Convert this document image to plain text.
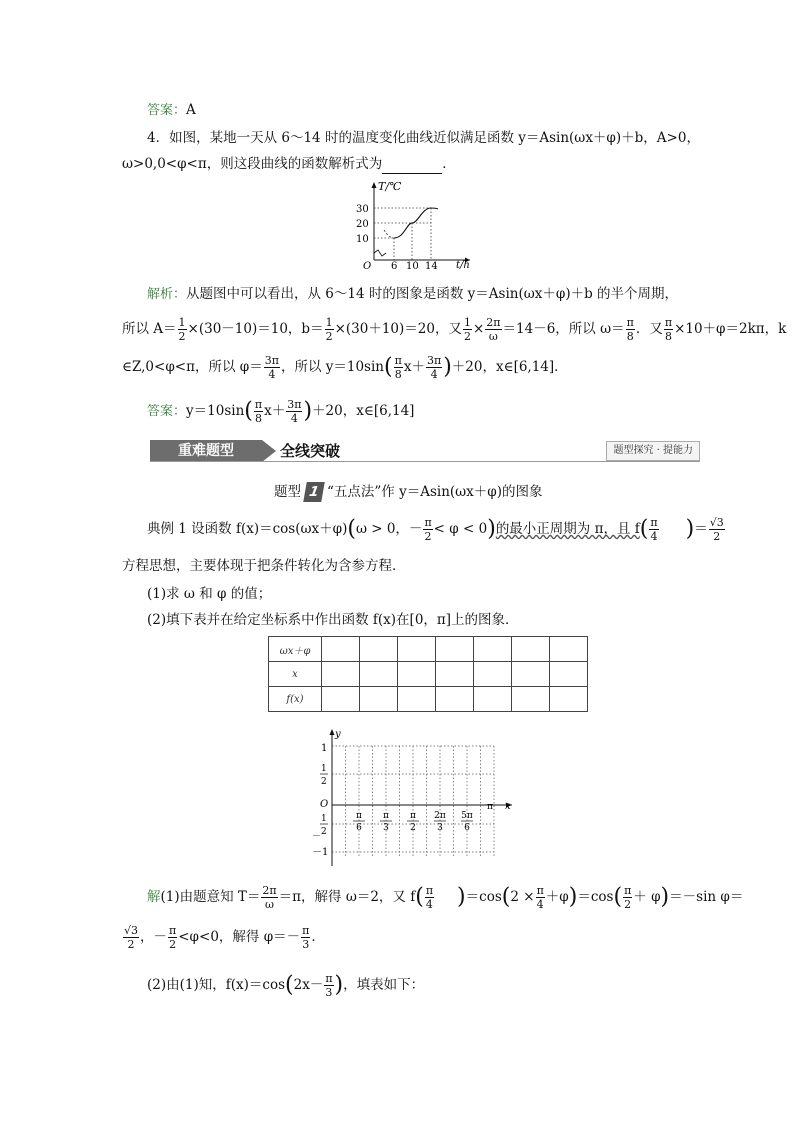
答案：A
4．如图，某地一天从 6～14 时的温度变化曲线近似满足函数 y＝Asin(ωx＋φ)＋b，A>0，
ω>0,0<φ<π，则这段曲线的函数解析式为	．
T/℃
t/h
O
30
20
10
6 10 14
解析：从题图中可以看出，从 6～14 时的图象是函数 y＝Asin(ωx＋φ)＋b 的半个周期，
所以 $A= \frac{1}{2} \times(30-10)=10$，$b= \frac{1}{2} \times(30+10)=20$，又 $\frac{1}{2} \times \frac{2\pi}{\omega} =14-6$，所以 $\omega= \frac{\pi}{8}$ ．又 $\frac{\pi}{8} \times 10+\varphi=2k\pi$，k
∈Z,0<φ<π，所以 $\varphi= \frac{3\pi}{4}$ ，所以 $y=10\sin( \frac{\pi}{8} x+ \frac{3\pi}{4} )+20$，x∈[6,14]．
答案：$y=10\sin( \frac{\pi}{8} x+ \frac{3\pi}{4} )+20$，x∈[6,14]
重难题型	全线突破	题型探究 · 提能力
题型 1 “五点法”作 y＝Asin(ωx＋φ)的图象
典例 1 设函数 f(x)＝cos(ωx＋φ)(ω > 0，－ $\frac{\pi}{2} < \varphi < 0$)的最小正周期为 π，且 $f( \frac{\pi}{4}$ )＝ $\frac{√3}{2}$
方程思想，主要体现于把条件转化为含参方程．
(1)求 ω 和 φ 的值；
(2)填下表并在给定坐标系中作出函数 f(x)在[0，π]上的图象．
ωx＋φ							
x							
f(x)							
y
x
O
1
1
2
－
1
2
－1
π
6
π
3
π
2
2π
3
5π
6
π
解(1)由题意知 $T= \frac{2\pi}{\omega} =\pi$，解得 ω＝2，又 $f( \frac{\pi}{4} )=\cos(2 \times \frac{\pi}{4} +\varphi)=\cos( \frac{\pi}{2} + \varphi)=-\sin$ φ＝
$\frac{√3}{2}$ ，－ $\frac{\pi}{2} <\varphi<0$，解得 $\varphi=- \frac{\pi}{3}$ ．
(2)由(1)知，$f(x)=\cos(2x- \frac{\pi}{3}$ )，填表如下：
